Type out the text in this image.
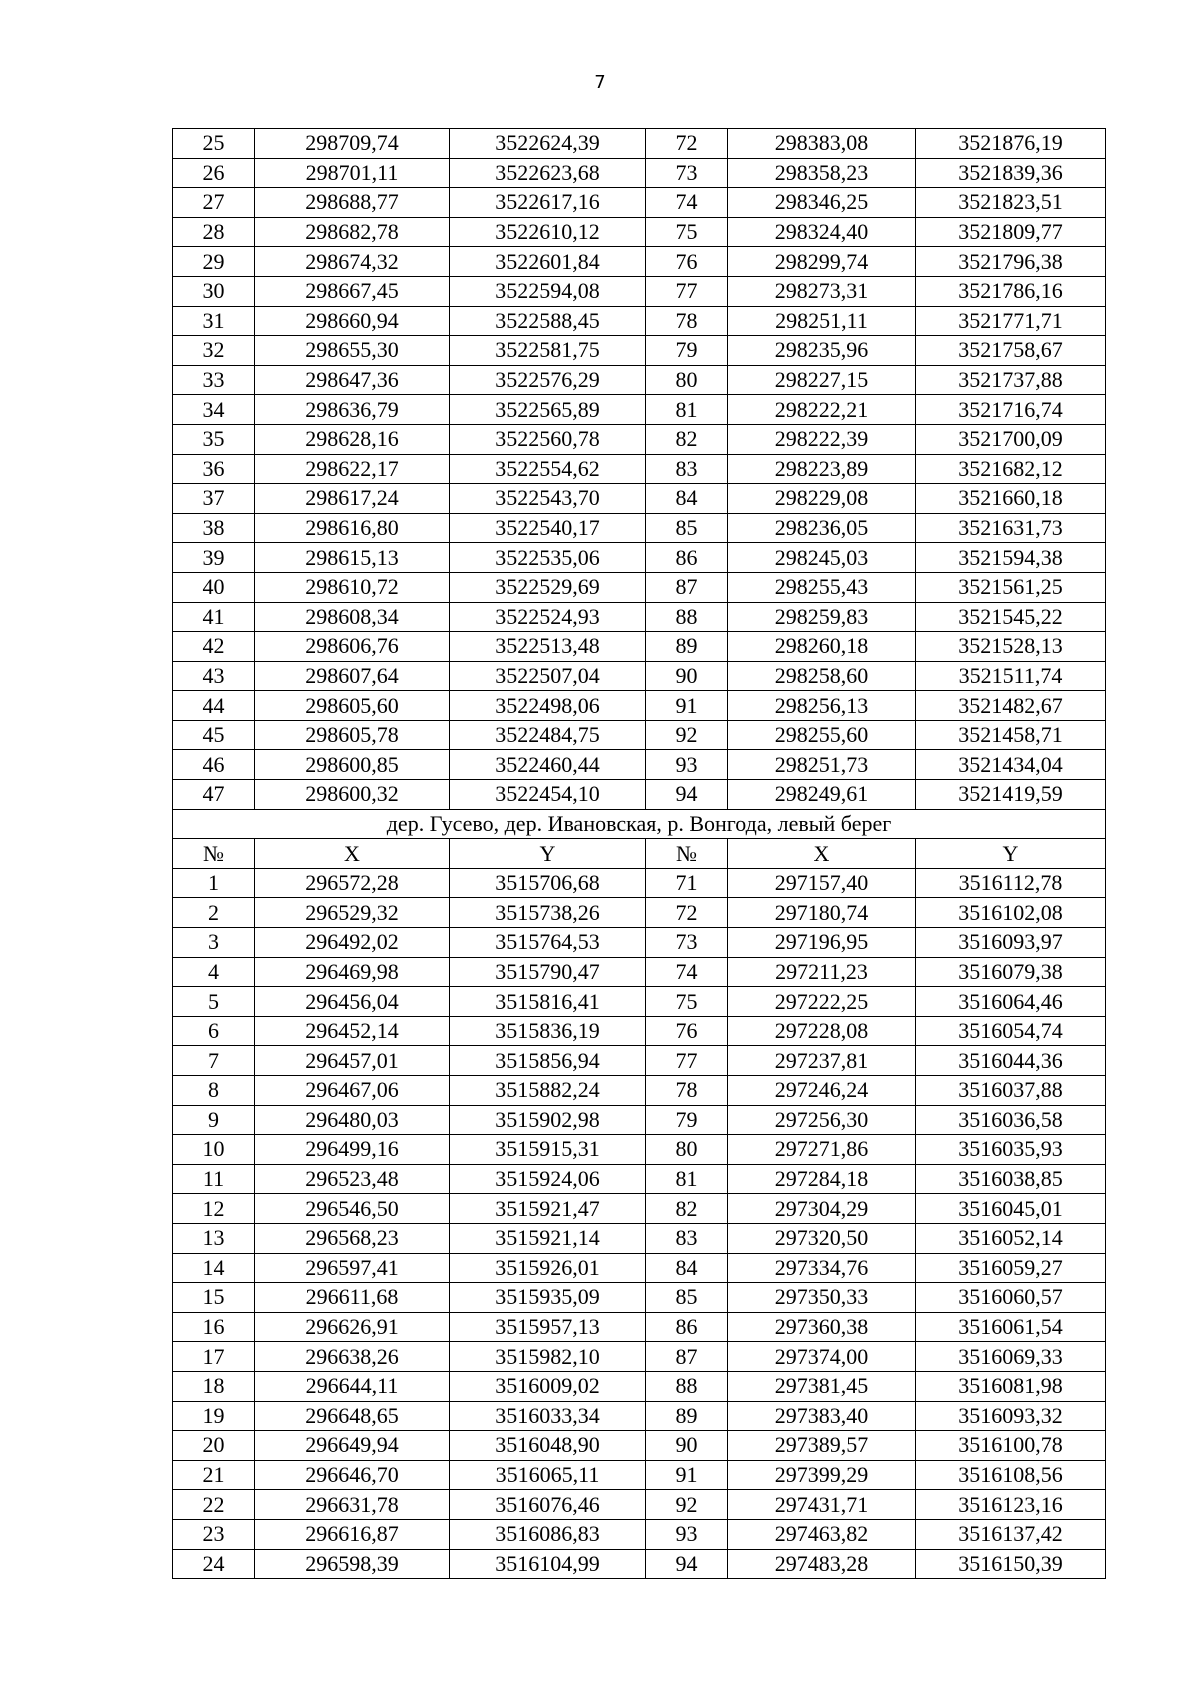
7
25	298709,74	3522624,39	72	298383,08	3521876,19
26	298701,11	3522623,68	73	298358,23	3521839,36
27	298688,77	3522617,16	74	298346,25	3521823,51
28	298682,78	3522610,12	75	298324,40	3521809,77
29	298674,32	3522601,84	76	298299,74	3521796,38
30	298667,45	3522594,08	77	298273,31	3521786,16
31	298660,94	3522588,45	78	298251,11	3521771,71
32	298655,30	3522581,75	79	298235,96	3521758,67
33	298647,36	3522576,29	80	298227,15	3521737,88
34	298636,79	3522565,89	81	298222,21	3521716,74
35	298628,16	3522560,78	82	298222,39	3521700,09
36	298622,17	3522554,62	83	298223,89	3521682,12
37	298617,24	3522543,70	84	298229,08	3521660,18
38	298616,80	3522540,17	85	298236,05	3521631,73
39	298615,13	3522535,06	86	298245,03	3521594,38
40	298610,72	3522529,69	87	298255,43	3521561,25
41	298608,34	3522524,93	88	298259,83	3521545,22
42	298606,76	3522513,48	89	298260,18	3521528,13
43	298607,64	3522507,04	90	298258,60	3521511,74
44	298605,60	3522498,06	91	298256,13	3521482,67
45	298605,78	3522484,75	92	298255,60	3521458,71
46	298600,85	3522460,44	93	298251,73	3521434,04
47	298600,32	3522454,10	94	298249,61	3521419,59
дер. Гусево, дер. Ивановская, р. Вонгода, левый берег					
№	X	Y	№	X	Y
1	296572,28	3515706,68	71	297157,40	3516112,78
2	296529,32	3515738,26	72	297180,74	3516102,08
3	296492,02	3515764,53	73	297196,95	3516093,97
4	296469,98	3515790,47	74	297211,23	3516079,38
5	296456,04	3515816,41	75	297222,25	3516064,46
6	296452,14	3515836,19	76	297228,08	3516054,74
7	296457,01	3515856,94	77	297237,81	3516044,36
8	296467,06	3515882,24	78	297246,24	3516037,88
9	296480,03	3515902,98	79	297256,30	3516036,58
10	296499,16	3515915,31	80	297271,86	3516035,93
11	296523,48	3515924,06	81	297284,18	3516038,85
12	296546,50	3515921,47	82	297304,29	3516045,01
13	296568,23	3515921,14	83	297320,50	3516052,14
14	296597,41	3515926,01	84	297334,76	3516059,27
15	296611,68	3515935,09	85	297350,33	3516060,57
16	296626,91	3515957,13	86	297360,38	3516061,54
17	296638,26	3515982,10	87	297374,00	3516069,33
18	296644,11	3516009,02	88	297381,45	3516081,98
19	296648,65	3516033,34	89	297383,40	3516093,32
20	296649,94	3516048,90	90	297389,57	3516100,78
21	296646,70	3516065,11	91	297399,29	3516108,56
22	296631,78	3516076,46	92	297431,71	3516123,16
23	296616,87	3516086,83	93	297463,82	3516137,42
24	296598,39	3516104,99	94	297483,28	3516150,39
